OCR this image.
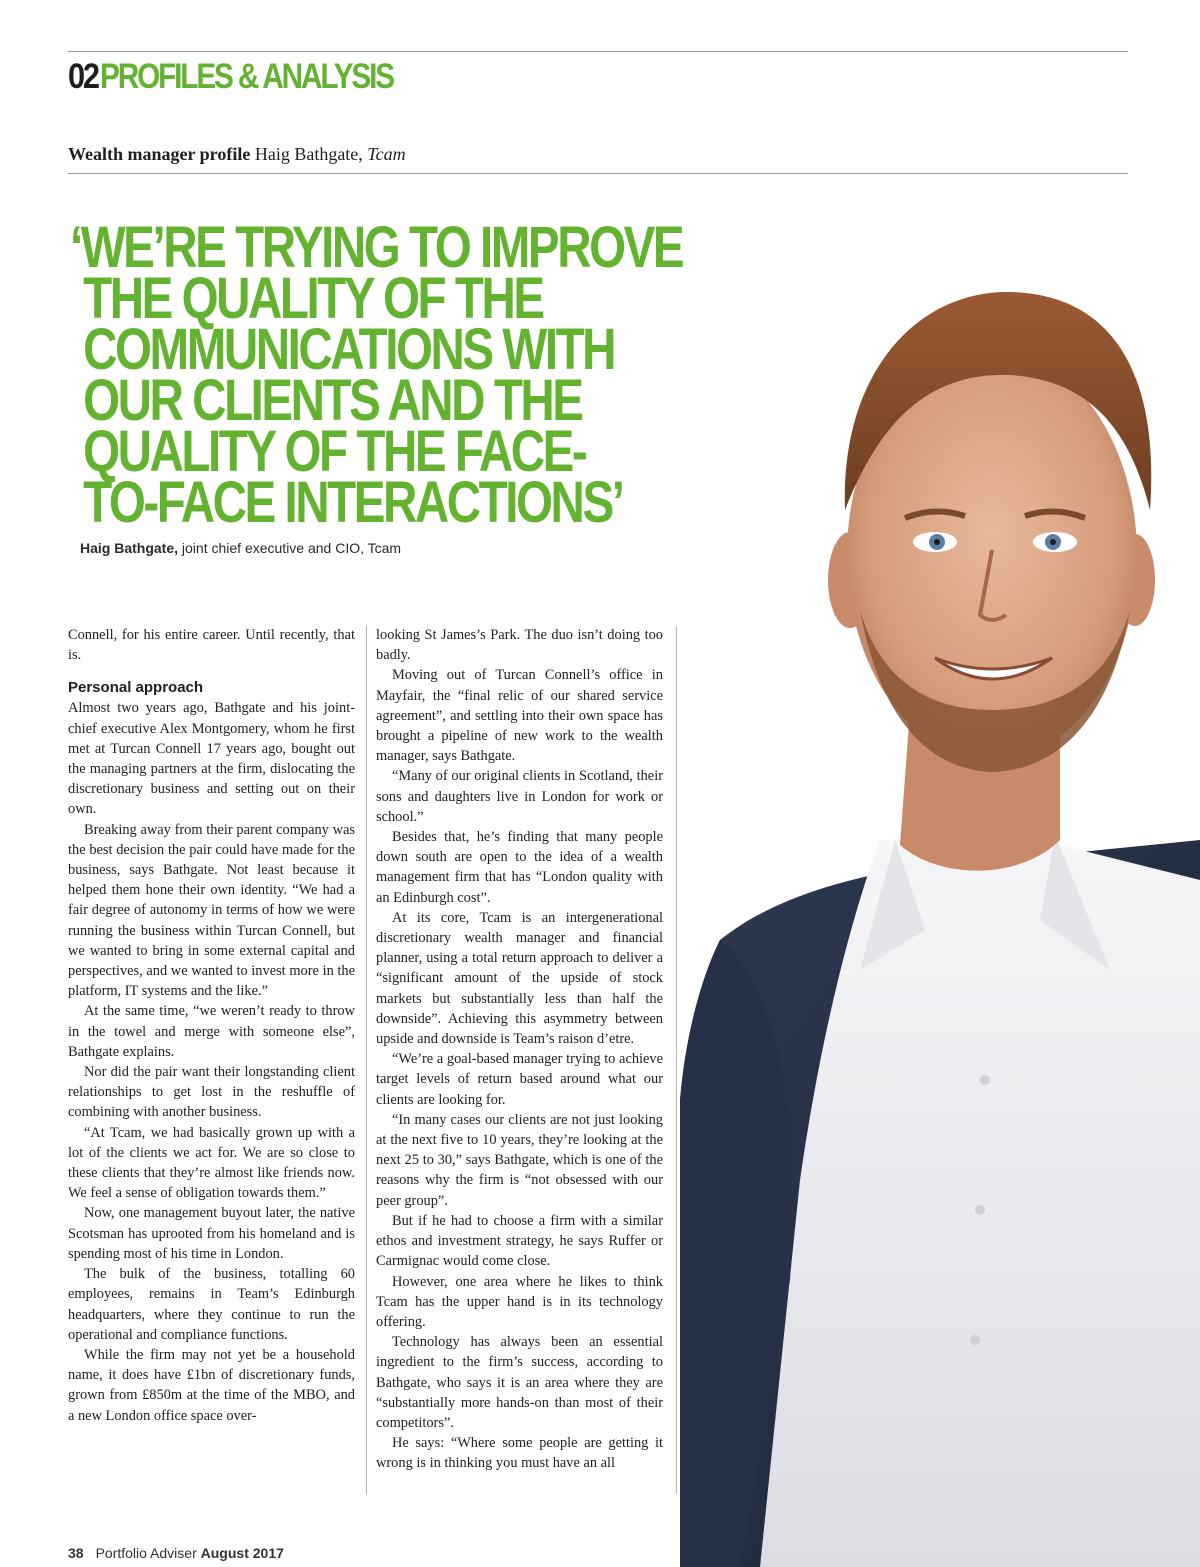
02PROFILES & ANALYSIS
Wealth manager profile Haig Bathgate, Tcam
‘WE’RE TRYING TO IMPROVE
THE QUALITY OF THE
COMMUNICATIONS WITH
OUR CLIENTS AND THE
QUALITY OF THE FACE-
TO-FACE INTERACTIONS’
Haig Bathgate, joint chief executive and CIO, Tcam

Connell, for his entire career. Until recently, that is.

Personal approach

Almost two years ago, Bathgate and his joint-chief executive Alex Montgomery, whom he first met at Turcan Connell 17 years ago, bought out the managing partners at the firm, dislocating the discretionary business and setting out on their own.

Breaking away from their parent company was the best decision the pair could have made for the business, says Bathgate. Not least because it helped them hone their own identity. “We had a fair degree of autonomy in terms of how we were running the business within Turcan Connell, but we wanted to bring in some external capital and perspectives, and we wanted to invest more in the platform, IT systems and the like.”

At the same time, “we weren’t ready to throw in the towel and merge with someone else”, Bathgate explains.

Nor did the pair want their longstanding client relationships to get lost in the reshuffle of combining with another business.

“At Tcam, we had basically grown up with a lot of the clients we act for. We are so close to these clients that they’re almost like friends now. We feel a sense of obligation towards them.”

Now, one management buyout later, the native Scotsman has uprooted from his homeland and is spending most of his time in London.

The bulk of the business, totalling 60 employees, remains in Team’s Edinburgh headquarters, where they continue to run the operational and compliance functions.

While the firm may not yet be a household name, it does have £1bn of discretionary funds, grown from £850m at the time of the MBO, and a new London office space over-

looking St James’s Park. The duo isn’t doing too badly.

Moving out of Turcan Connell’s office in Mayfair, the “final relic of our shared service agreement”, and settling into their own space has brought a pipeline of new work to the wealth manager, says Bathgate.

“Many of our original clients in Scotland, their sons and daughters live in London for work or school.”

Besides that, he’s finding that many people down south are open to the idea of a wealth management firm that has “London quality with an Edinburgh cost”.

At its core, Tcam is an intergenerational discretionary wealth manager and financial planner, using a total return approach to deliver a “significant amount of the upside of stock markets but substantially less than half the downside”. Achieving this asymmetry between upside and downside is Team’s raison d’etre.

“We’re a goal-based manager trying to achieve target levels of return based around what our clients are looking for.

“In many cases our clients are not just looking at the next five to 10 years, they’re looking at the next 25 to 30,” says Bathgate, which is one of the reasons why the firm is “not obsessed with our peer group”.

But if he had to choose a firm with a similar ethos and investment strategy, he says Ruffer or Carmignac would come close.

However, one area where he likes to think Tcam has the upper hand is in its technology offering.

Technology has always been an essential ingredient to the firm’s success, according to Bathgate, who says it is an area where they are “substantially more hands-on than most of their competitors”.

He says: “Where some people are getting it wrong is in thinking you must have an all

38 Portfolio Adviser August 2017
